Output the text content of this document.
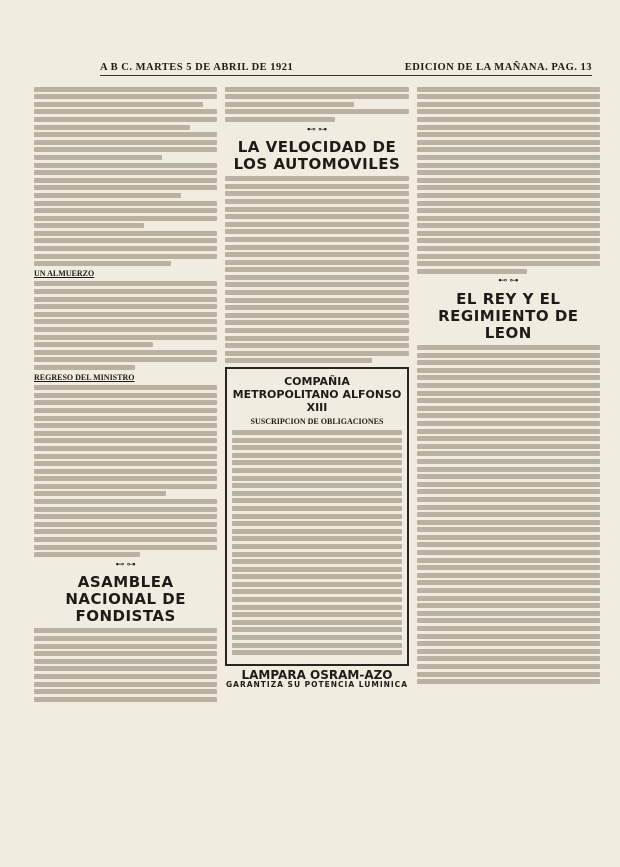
A B C. MARTES 5 DE ABRIL DE 1921	EDICION DE LA MAÑANA. PAG. 13
UN ALMUERZO
REGRESO DEL MINISTRO
⊷ ⊶
ASAMBLEA NACIONAL DE FONDISTAS
⊷ ⊶
LA VELOCIDAD DE LOS AUTOMOVILES
COMPAÑIA METROPOLITANO ALFONSO XIII
SUSCRIPCION DE OBLIGACIONES
LAMPARA OSRAM-AZO
GARANTIZA SU POTENCIA LUMINICA
⊷ ⊶
EL REY Y EL REGIMIENTO DE LEON
